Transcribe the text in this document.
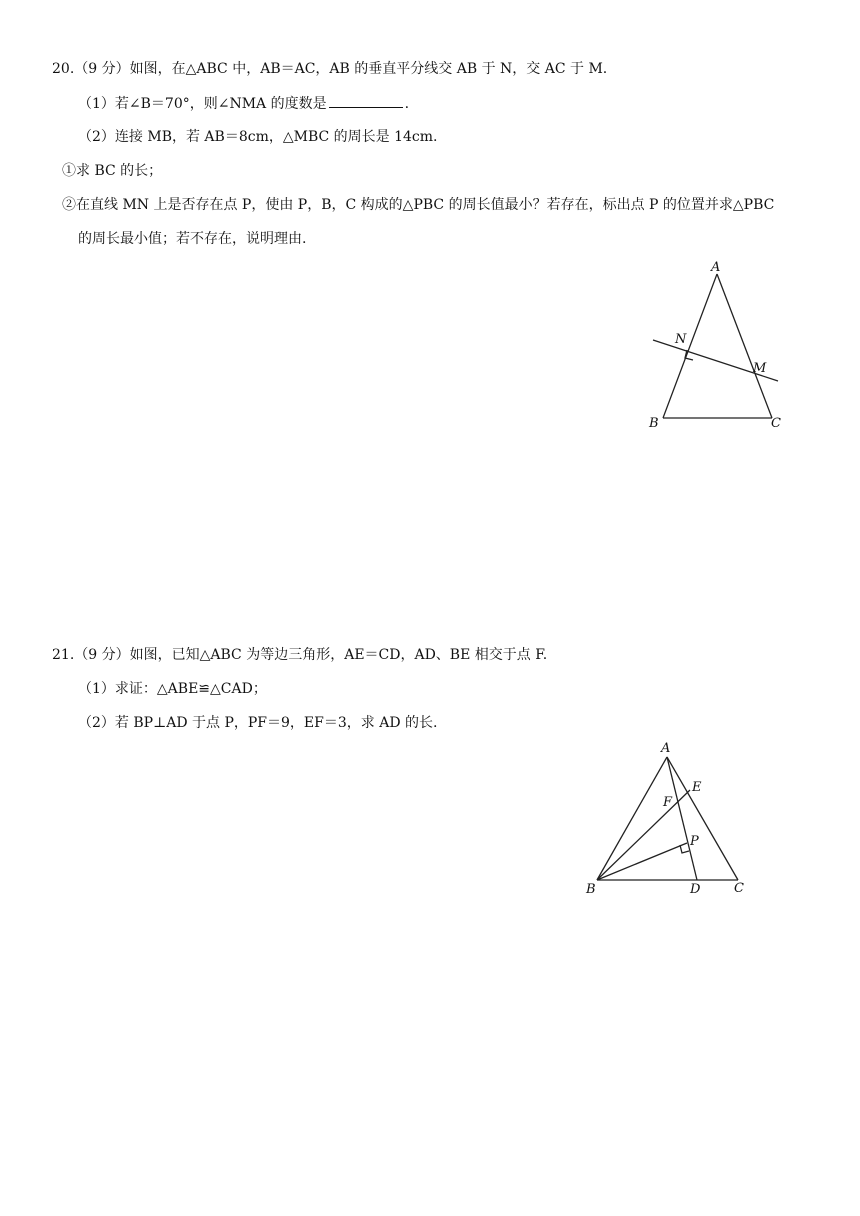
20.（9 分）如图，在△ABC 中，AB＝AC，AB 的垂直平分线交 AB 于 N，交 AC 于 M.
（1）若∠B＝70°，则∠NMA 的度数是	.
（2）连接 MB，若 AB＝8cm，△MBC 的周长是 14cm.
①求 BC 的长；
②在直线 MN 上是否存在点 P，使由 P，B，C 构成的△PBC 的周长值最小？若存在，标出点 P 的位置并求△PBC
的周长最小值；若不存在，说明理由.
A
B	C
N
M
21.（9 分）如图，已知△ABC 为等边三角形，AE＝CD，AD、BE 相交于点 F.
（1）求证：△ABE≌△CAD；
（2）若 BP⊥AD 于点 P，PF＝9，EF＝3，求 AD 的长.
A
B	C
D
E
F
P
